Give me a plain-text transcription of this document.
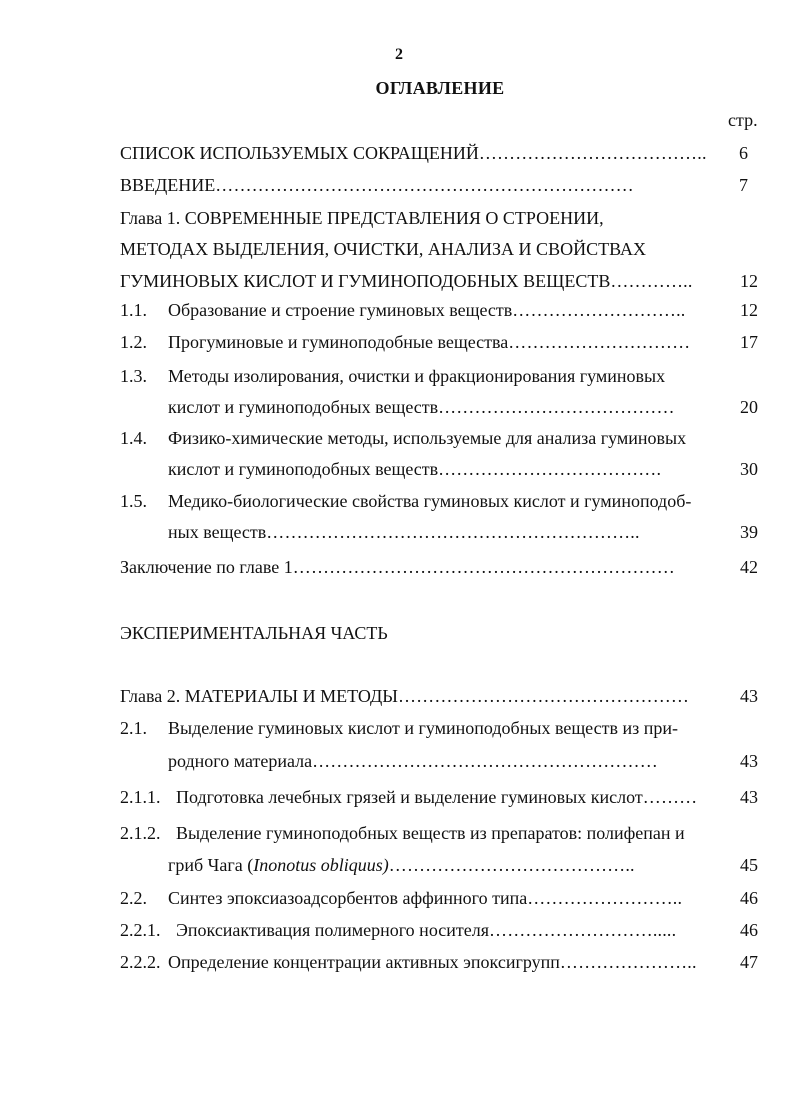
2
ОГЛАВЛЕНИЕ
стр.
СПИСОК ИСПОЛЬЗУЕМЫХ СОКРАЩЕНИЙ………………………………..	6
ВВЕДЕНИЕ……………………………………………………………	7
Глава 1. СОВРЕМЕННЫЕ ПРЕДСТАВЛЕНИЯ О СТРОЕНИИ,
МЕТОДАХ ВЫДЕЛЕНИЯ, ОЧИСТКИ, АНАЛИЗА И СВОЙСТВАХ
ГУМИНОВЫХ КИСЛОТ И ГУМИНОПОДОБНЫХ ВЕЩЕСТВ…………..	12
1.1. Образование и строение гуминовых веществ………………………..	12
1.2. Прогуминовые и гуминоподобные вещества…………………………	17
1.3. Методы изолирования, очистки и фракционирования гуминовых
кислот и гуминоподобных веществ…………………………………	20
1.4. Физико-химические методы, используемые для анализа гуминовых
кислот и гуминоподобных веществ……………………………….	30
1.5. Медико-биологические свойства гуминовых кислот и гуминоподоб-
ных веществ……………………………………………………..	39
Заключение по главе 1………………………………………………………	42
ЭКСПЕРИМЕНТАЛЬНАЯ ЧАСТЬ
Глава 2. МАТЕРИАЛЫ И МЕТОДЫ…………………………………………	43
2.1. Выделение гуминовых кислот и гуминоподобных веществ из при-
родного материала…………………………………………………	43
2.1.1. Подготовка лечебных грязей и выделение гуминовых кислот………	43
2.1.2. Выделение гуминоподобных веществ из препаратов: полифепан и
гриб Чага (Inonotus obliquus)…………………………………..	45
2.2. Синтез эпоксиазоадсорбентов аффинного типа……………………..	46
2.2.1. Эпоксиактивация полимерного носителя……………………….....	46
2.2.2. Определение концентрации активных эпоксигрупп…………………..	47
